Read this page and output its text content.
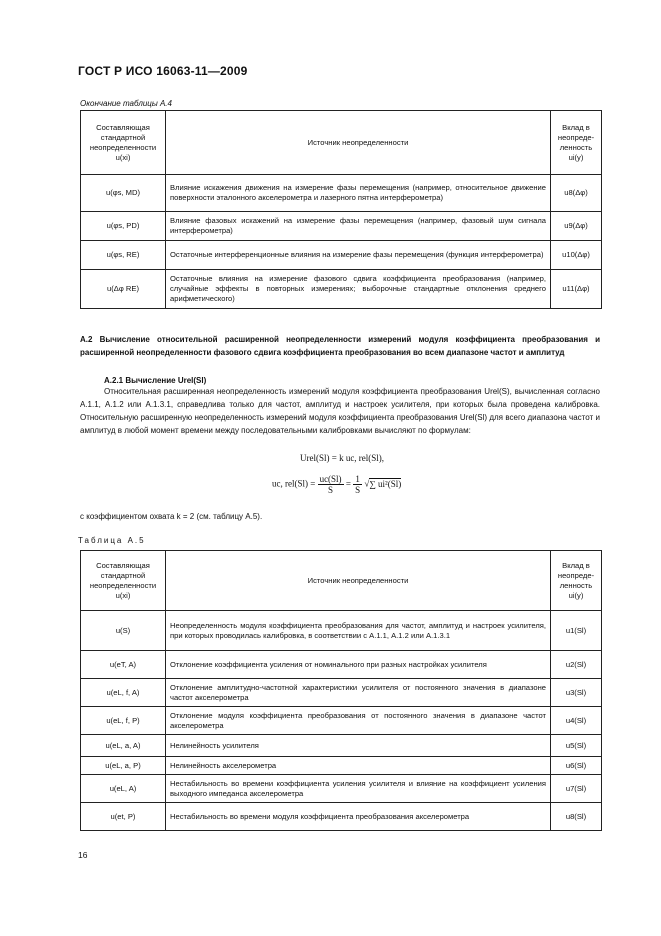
ГОСТ Р ИСО 16063-11—2009
Окончание таблицы А.4
Составляющая стандартной неопределенности u(xi)	Источник неопределенности	Вклад в неопреде-ленность ui(y)
u(φs, MD)	Влияние искажения движения на измерение фазы перемещения (например, относительное движение поверхности эталонного акселерометра и лазерного пятна интерферометра)	u8(Δφ)
u(φs, PD)	Влияние фазовых искажений на измерение фазы перемещения (например, фазовый шум сигнала интерферометра)	u9(Δφ)
u(φs, RE)	Остаточные интерференционные влияния на измерение фазы перемещения (функция интерферометра)	u10(Δφ)
u(Δφ RE)	Остаточные влияния на измерение фазового сдвига коэффициента преобразования (например, случайные эффекты в повторных измерениях; выборочные стандартные отклонения среднего арифметического)	u11(Δφ)
А.2 Вычисление относительной расширенной неопределенности измерений модуля коэффициента преобразования и расширенной неопределенности фазового сдвига коэффициента преобразования во всем диапазоне частот и амплитуд
А.2.1 Вычисление Urel(Sl)
Относительная расширенная неопределенность измерений модуля коэффициента преобразования Urel(S), вычисленная согласно А.1.1, А.1.2 или А.1.3.1, справедлива только для частот, амплитуд и настроек усилителя, при которых была проведена калибровка. Относительную расширенную неопределенность измерений модуля коэффициента преобразования Urel(Sl) для всего диапазона частот и амплитуд в любой момент времени между последовательными калибровками вычисляют по формулам:
Urel(Sl) = k uc, rel(Sl),
uc, $rel(Sl) = \frac{uc(Sl)}{S} = \frac{1}{S}$ √∑ ui²(Sl)
с коэффициентом охвата k = 2 (см. таблицу А.5).
Таблица А.5
Составляющая стандартной неопределенности u(xi)	Источник неопределенности	Вклад в неопреде-ленность ui(y)
u(S)	Неопределенность модуля коэффициента преобразования для частот, амплитуд и настроек усилителя, при которых проводилась калибровка, в соответствии с А.1.1, А.1.2 или А.1.3.1	u1(Sl)
u(eT, A)	Отклонение коэффициента усиления от номинального при разных настройках усилителя	u2(Sl)
u(eL, f, A)	Отклонение амплитудно-частотной характеристики усилителя от постоянного значения в диапазоне частот акселерометра	u3(Sl)
u(eL, f, P)	Отклонение модуля коэффициента преобразования от постоянного значения в диапазоне частот акселерометра	u4(Sl)
u(eL, a, A)	Нелинейность усилителя	u5(Sl)
u(eL, a, P)	Нелинейность акселерометра	u6(Sl)
u(eL, A)	Нестабильность во времени коэффициента усиления усилителя и влияние на коэффициент усиления выходного импеданса акселерометра	u7(Sl)
u(et, P)	Нестабильность во времени модуля коэффициента преобразования акселерометра	u8(Sl)
16
